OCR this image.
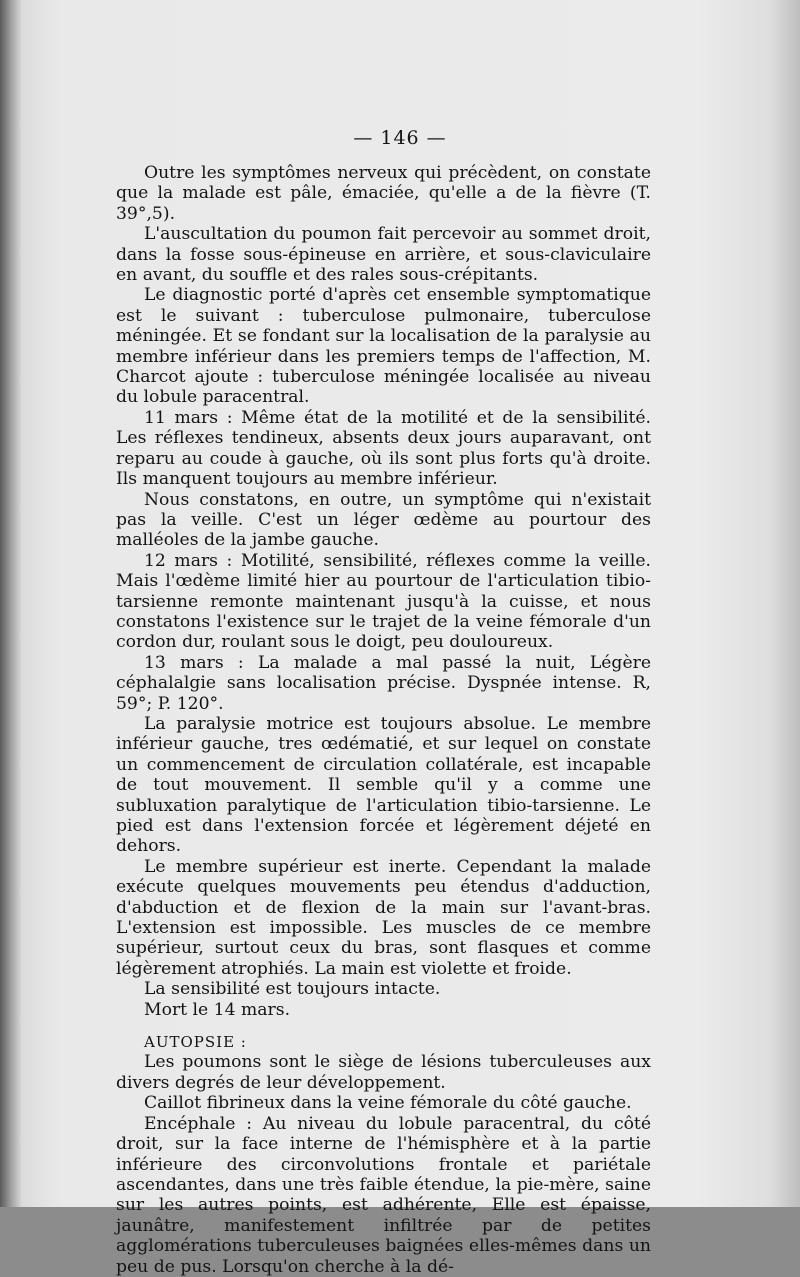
— 146 —

Outre les symptômes nerveux qui précèdent, on constate que la malade est pâle, émaciée, qu'elle a de la fièvre (T. 39°,5).

L'auscultation du poumon fait percevoir au sommet droit, dans la fosse sous-épineuse en arrière, et sous-claviculaire en avant, du souffle et des rales sous-crépitants.

Le diagnostic porté d'après cet ensemble symptomatique est le suivant : tuberculose pulmonaire, tuberculose méningée. Et se fondant sur la localisation de la paralysie au membre inférieur dans les premiers temps de l'affection, M. Charcot ajoute : tuberculose méningée localisée au niveau du lobule paracentral.

11 mars : Même état de la motilité et de la sensibilité. Les réflexes tendineux, absents deux jours auparavant, ont reparu au coude à gauche, où ils sont plus forts qu'à droite. Ils manquent toujours au membre inférieur.

Nous constatons, en outre, un symptôme qui n'existait pas la veille. C'est un léger œdème au pourtour des malléoles de la jambe gauche.

12 mars : Motilité, sensibilité, réflexes comme la veille. Mais l'œdème limité hier au pourtour de l'articulation tibio-tarsienne remonte maintenant jusqu'à la cuisse, et nous constatons l'existence sur le trajet de la veine fémorale d'un cordon dur, roulant sous le doigt, peu douloureux.

13 mars : La malade a mal passé la nuit, Légère céphalalgie sans localisation précise. Dyspnée intense. R, 59°; P. 120°.

La paralysie motrice est toujours absolue. Le membre inférieur gauche, tres œdématié, et sur lequel on constate un commencement de circulation collatérale, est incapable de tout mouvement. Il semble qu'il y a comme une subluxation paralytique de l'articulation tibio-tarsienne. Le pied est dans l'extension forcée et légèrement déjeté en dehors.

Le membre supérieur est inerte. Cependant la malade exécute quelques mouvements peu étendus d'adduction, d'abduction et de flexion de la main sur l'avant-bras. L'extension est impossible. Les muscles de ce membre supérieur, surtout ceux du bras, sont flasques et comme légèrement atrophiés. La main est violette et froide.

La sensibilité est toujours intacte.

Mort le 14 mars.

AUTOPSIE :

Les poumons sont le siège de lésions tuberculeuses aux divers degrés de leur développement.

Caillot fibrineux dans la veine fémorale du côté gauche.

Encéphale : Au niveau du lobule paracentral, du côté droit, sur la face interne de l'hémisphère et à la partie inférieure des circonvolutions frontale et pariétale ascendantes, dans une très faible étendue, la pie-mère, saine sur les autres points, est adhérente, Elle est épaisse, jaunâtre, manifestement infiltrée par de petites agglomérations tuberculeuses baignées elles-mêmes dans un peu de pus. Lorsqu'on cherche à la dé-
